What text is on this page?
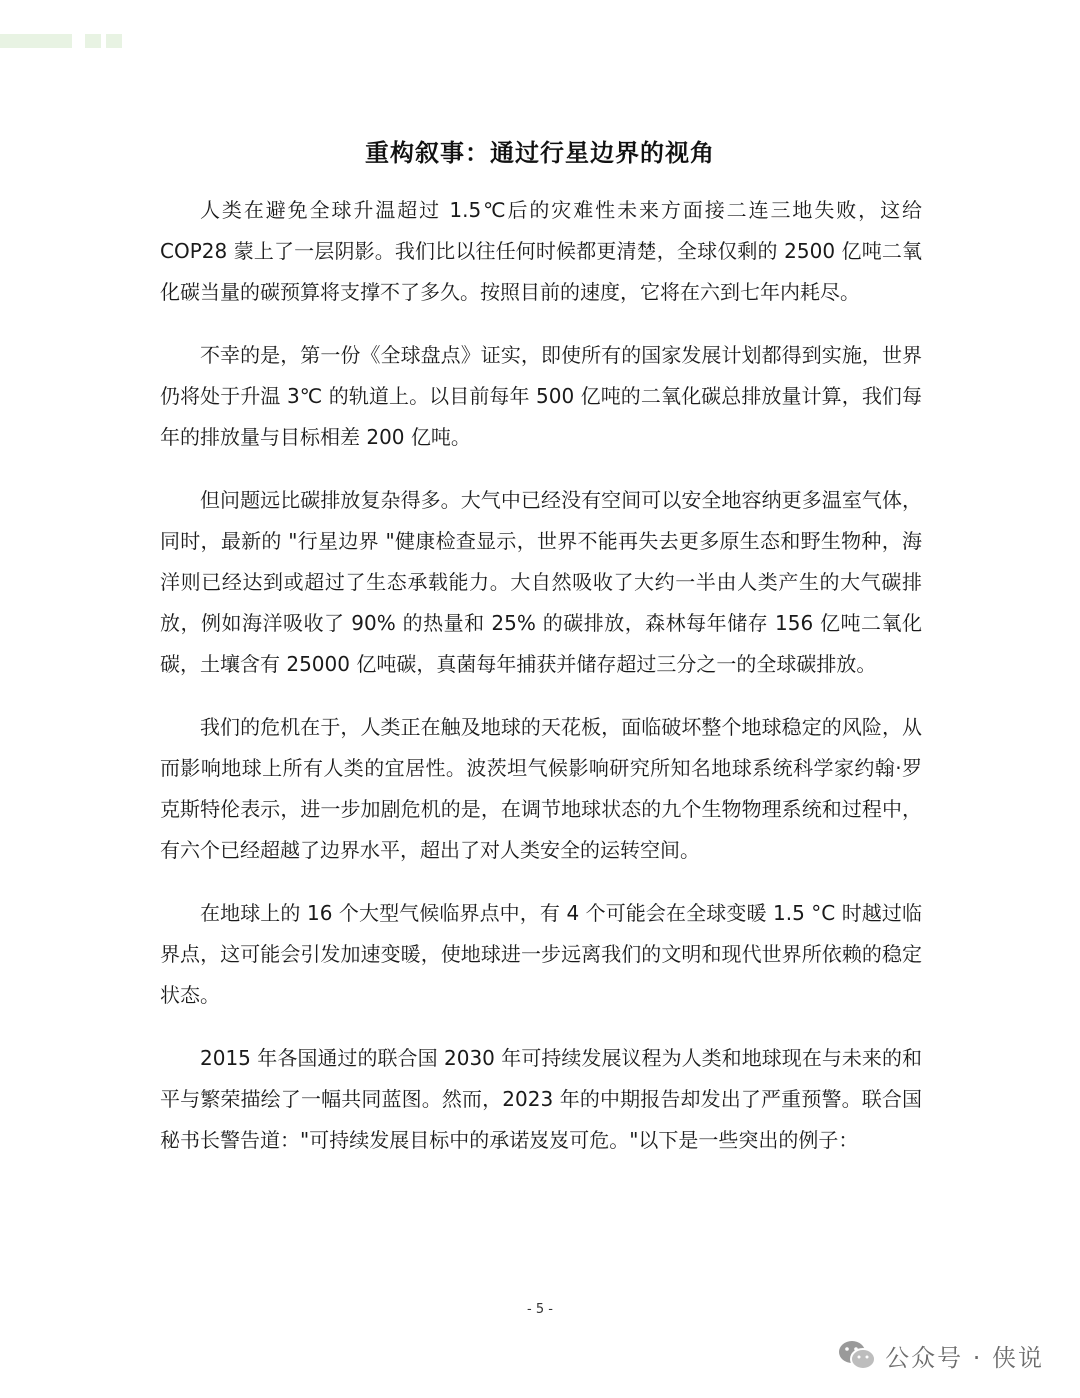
重构叙事：通过行星边界的视角

人类在避免全球升温超过 1.5℃后的灾难性未来方面接二连三地失败，这给 COP28 蒙上了一层阴影。我们比以往任何时候都更清楚，全球仅剩的 2500 亿吨二氧化碳当量的碳预算将支撑不了多久。按照目前的速度，它将在六到七年内耗尽。

不幸的是，第一份《全球盘点》证实，即使所有的国家发展计划都得到实施，世界仍将处于升温 3℃ 的轨道上。以目前每年 500 亿吨的二氧化碳总排放量计算，我们每年的排放量与目标相差 200 亿吨。

但问题远比碳排放复杂得多。大气中已经没有空间可以安全地容纳更多温室气体，同时，最新的 "行星边界 "健康检查显示，世界不能再失去更多原生态和野生物种，海洋则已经达到或超过了生态承载能力。大自然吸收了大约一半由人类产生的大气碳排放，例如海洋吸收了 90% 的热量和 25% 的碳排放，森林每年储存 156 亿吨二氧化碳，土壤含有 25000 亿吨碳，真菌每年捕获并储存超过三分之一的全球碳排放。

我们的危机在于，人类正在触及地球的天花板，面临破坏整个地球稳定的风险，从而影响地球上所有人类的宜居性。波茨坦气候影响研究所知名地球系统科学家约翰·罗克斯特伦表示，进一步加剧危机的是，在调节地球状态的九个生物物理系统和过程中，有六个已经超越了边界水平，超出了对人类安全的运转空间。

在地球上的 16 个大型气候临界点中，有 4 个可能会在全球变暖 1.5 °C 时越过临界点，这可能会引发加速变暖，使地球进一步远离我们的文明和现代世界所依赖的稳定状态。

2015 年各国通过的联合国 2030 年可持续发展议程为人类和地球现在与未来的和平与繁荣描绘了一幅共同蓝图。然而，2023 年的中期报告却发出了严重预警。联合国秘书长警告道："可持续发展目标中的承诺岌岌可危。"以下是一些突出的例子：

- 5 -
公众号 · 侠说
